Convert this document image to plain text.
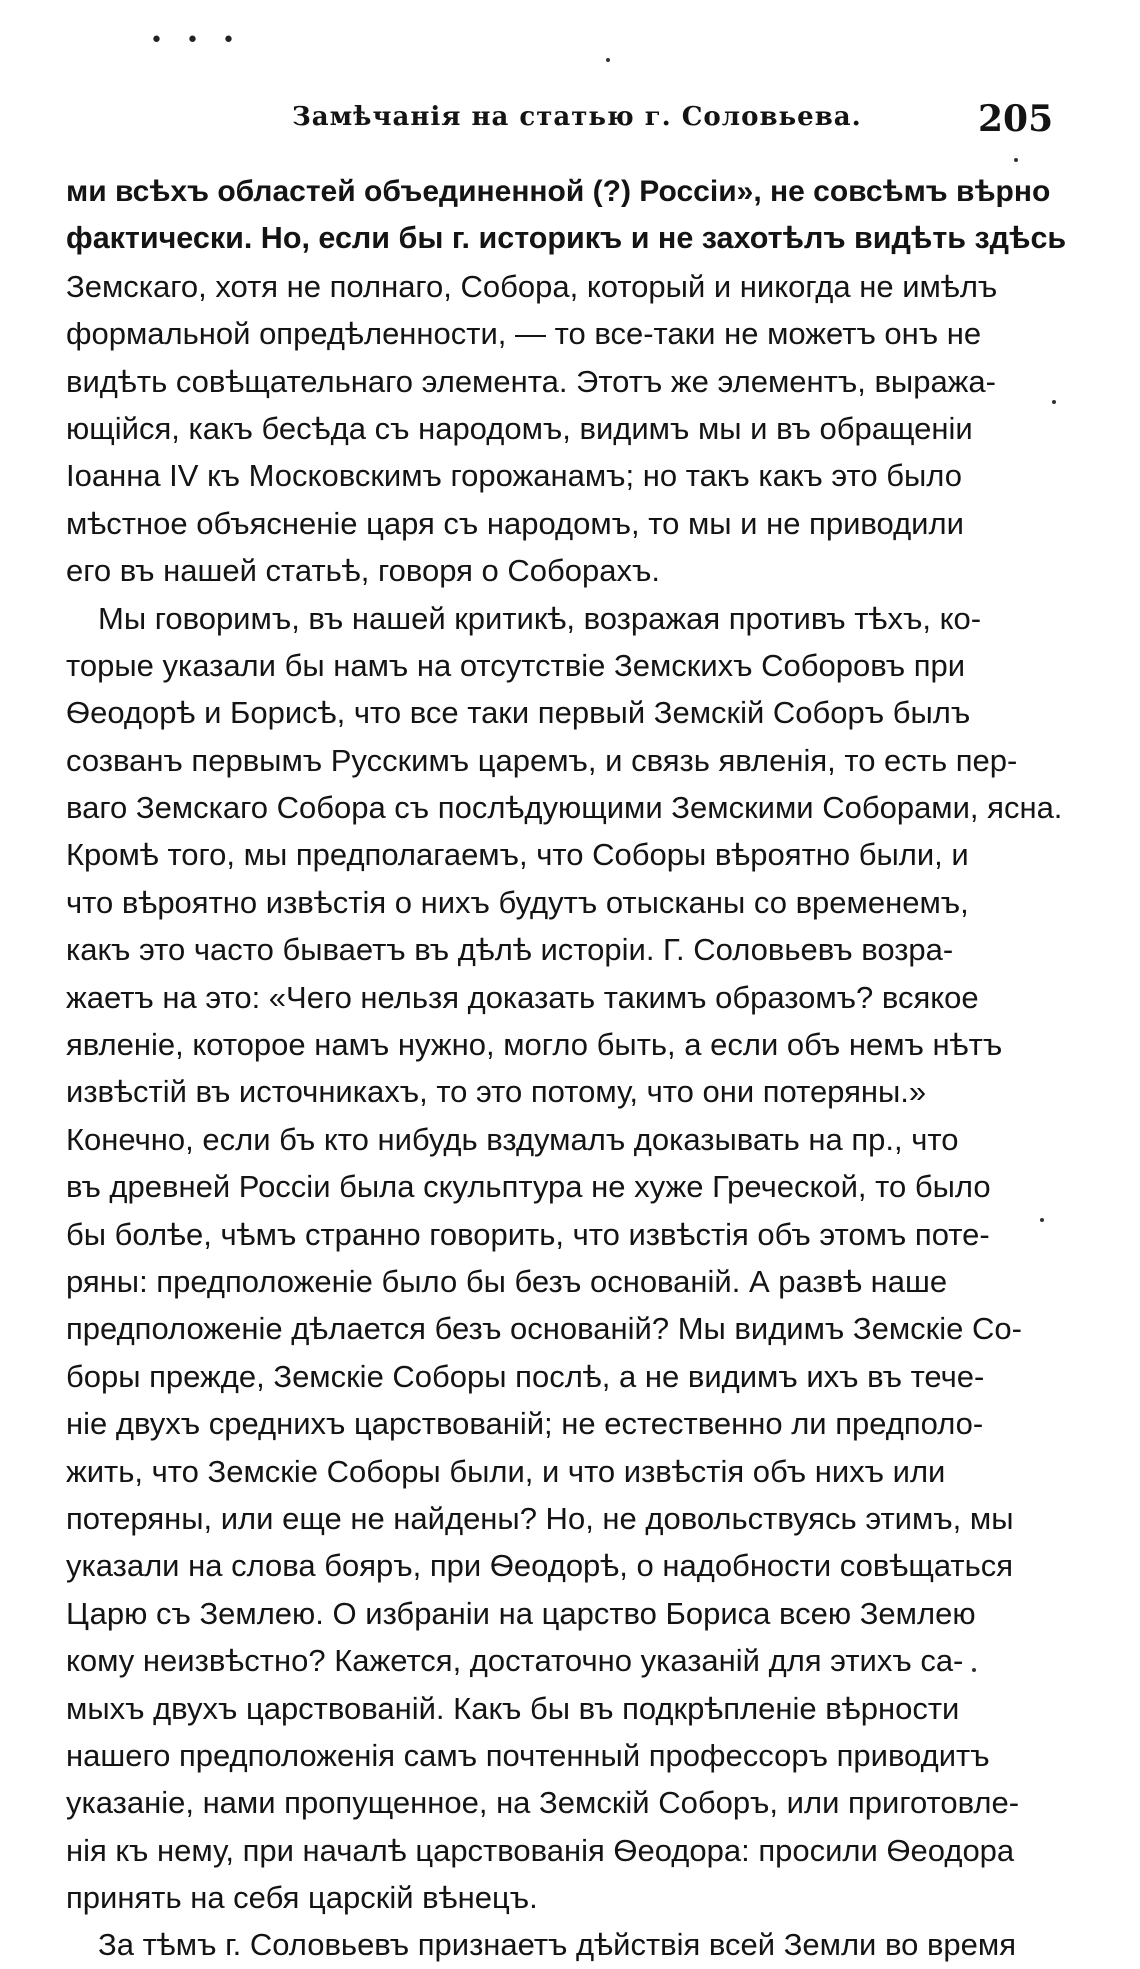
• • •
Замѣчанія на статью г. Соловьева.	205
ми всѣхъ областей объединенной (?) Россіи», не совсѣмъ вѣрно
фактически. Но, если бы г. историкъ и не захотѣлъ видѣть здѣсь
Земскаго, хотя не полнаго, Собора, который и никогда не имѣлъ
формальной опредѣленности, — то все-таки не можетъ онъ не
видѣть совѣщательнаго элемента. Этотъ же элементъ, выража-
ющійся, какъ бесѣда съ народомъ, видимъ мы и въ обращеніи
Іоанна IV къ Московскимъ горожанамъ; но такъ какъ это было
мѣстное объясненіе царя съ народомъ, то мы и не приводили
его въ нашей статьѣ, говоря о Соборахъ.
Мы говоримъ, въ нашей критикѣ, возражая противъ тѣхъ, ко-
торые указали бы намъ на отсутствіе Земскихъ Соборовъ при
Ѳеодорѣ и Борисѣ, что все таки первый Земскій Соборъ былъ
созванъ первымъ Русскимъ царемъ, и связь явленія, то есть пер-
ваго Земскаго Собора съ послѣдующими Земскими Соборами, ясна.
Кромѣ того, мы предполагаемъ, что Соборы вѣроятно были, и
что вѣроятно извѣстія о нихъ будутъ отысканы со временемъ,
какъ это часто бываетъ въ дѣлѣ исторіи. Г. Соловьевъ возра-
жаетъ на это: «Чего нельзя доказать такимъ образомъ? всякое
явленіе, которое намъ нужно, могло быть, а если объ немъ нѣтъ
извѣстій въ источникахъ, то это потому, что они потеряны.»
Конечно, если бъ кто нибудь вздумалъ доказывать на пр., что
въ древней Россіи была скульптура не хуже Греческой, то было
бы болѣе, чѣмъ странно говорить, что извѣстія объ этомъ поте-
ряны: предположеніе было бы безъ основаній. А развѣ наше
предположеніе дѣлается безъ основаній? Мы видимъ Земскіе Со-
боры прежде, Земскіе Соборы послѣ, а не видимъ ихъ въ тече-
ніе двухъ среднихъ царствованій; не естественно ли предполо-
жить, что Земскіе Соборы были, и что извѣстія объ нихъ или
потеряны, или еще не найдены? Но, не довольствуясь этимъ, мы
указали на слова бояръ, при Ѳеодорѣ, о надобности совѣщаться
Царю съ Землею. О избраніи на царство Бориса всею Землею
кому неизвѣстно? Кажется, достаточно указаній для этихъ са-
мыхъ двухъ царствованій. Какъ бы въ подкрѣпленіе вѣрности
нашего предположенія самъ почтенный профессоръ приводитъ
указаніе, нами пропущенное, на Земскій Соборъ, или приготовле-
нія къ нему, при началѣ царствованія Ѳеодора: просили Ѳеодора
принять на себя царскій вѣнецъ.
За тѣмъ г. Соловьевъ признаетъ дѣйствія всей Земли во время
